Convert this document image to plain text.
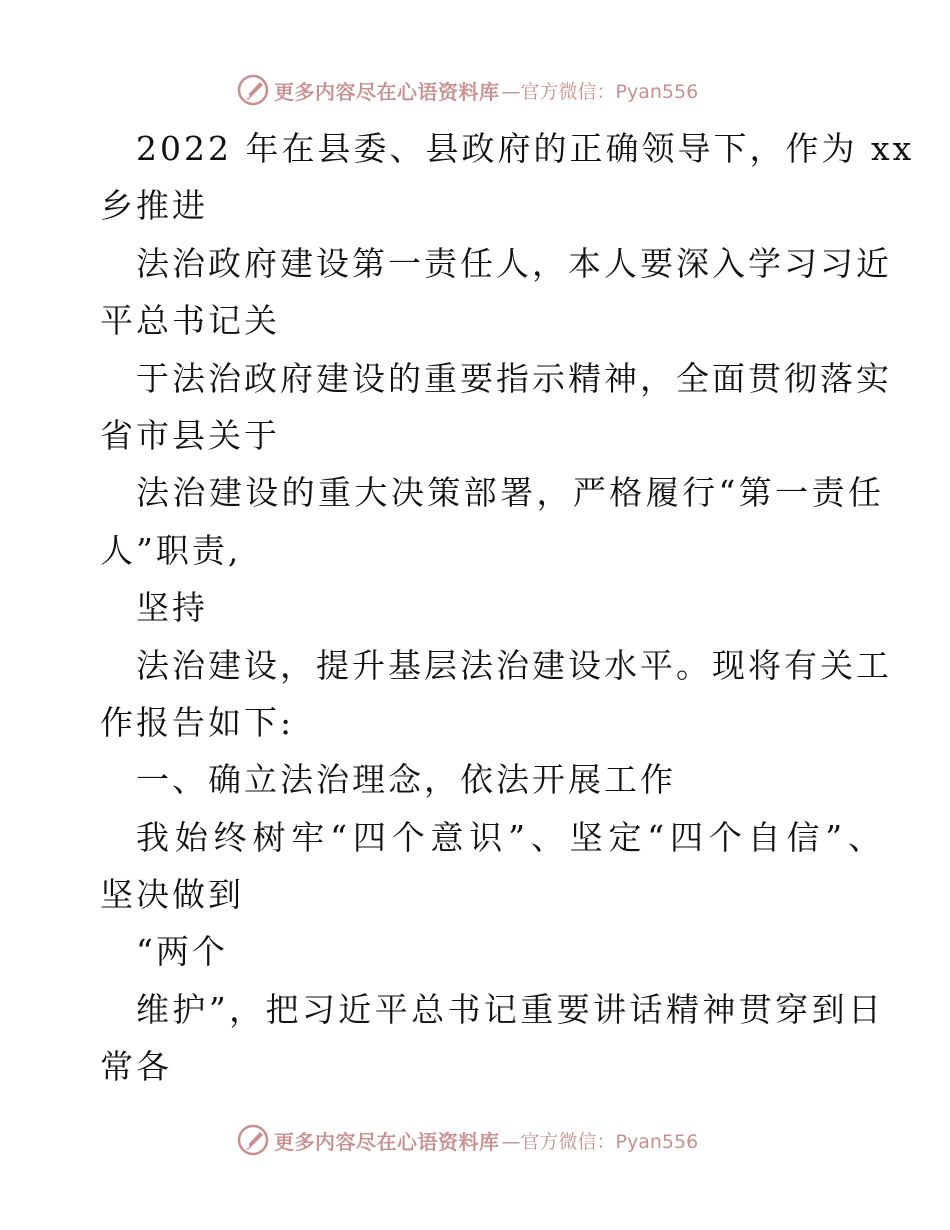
更多内容尽在心语资料库 —官方微信：Pyan556
2022 年在县委、县政府的正确领导下，作为 xx
乡推进
法治政府建设第一责任人，本人要深入学习习近
平总书记关
于法治政府建设的重要指示精神，全面贯彻落实
省市县关于
法治建设的重大决策部署，严格履行“第一责任
人”职责,
坚持
法治建设，提升基层法治建设水平。现将有关工
作报告如下:
一、确立法治理念，依法开展工作
我始终树牢“四个意识”、坚定“四个自信”、
坚决做到
“两个
维护”，把习近平总书记重要讲话精神贯穿到日
常各
更多内容尽在心语资料库 —官方微信：Pyan556
